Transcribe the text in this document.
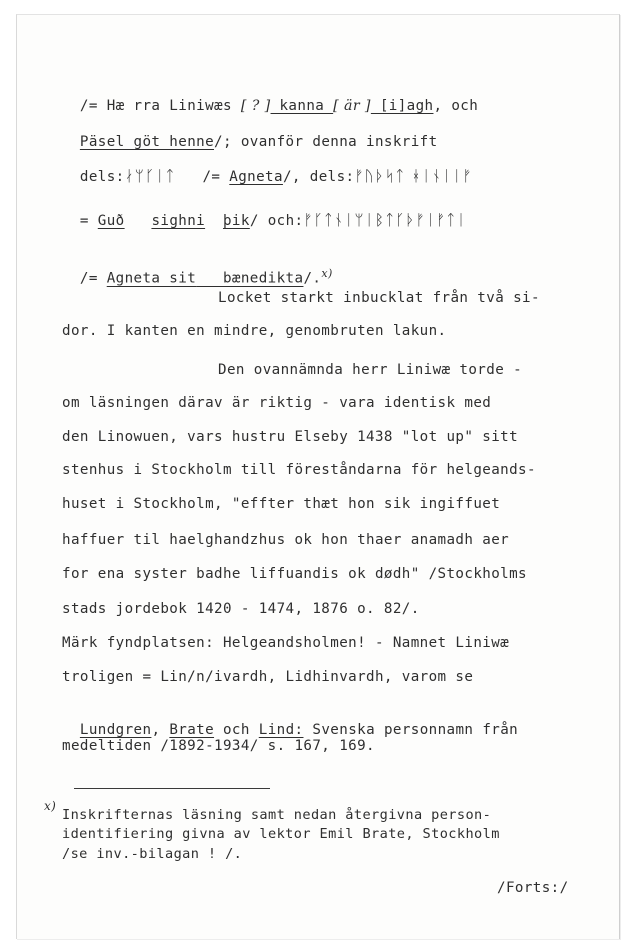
/= Hæ rra Liniwæs [ ? ] kanna [ är ] [i]agh, och

Päsel göt henne/; ovanför denna inskrift

dels:ᛅᛘᚴᛁᛏ   /= Agneta/, dels:ᚠᚢᚦᛋᛏ ᚼᛁᚾᛁᛁᚠ

= Guð sighni þik/ och:ᚠᚴᛏᚾᛁᛘᛁᛒᛏᚴᚦᚠᛁᚠᛏᛁ

/= Agneta sit   bænediktа/.$^{x)}$

Locket starkt inbucklat från två si-
dor. I kanten en mindre, genombruten lakun.
Den ovannämnda herr Liniwæ torde -
om läsningen därav är riktig - vara identisk med
den Linowuen, vars hustru Elseby 1438 "lot up" sitt
stenhus i Stockholm till föreståndarna för helgeands-
huset i Stockholm, "effter thæt hon sik ingiffuet
haffuer til haelghandzhus ok hon thaer anamadh aer
for ena syster badhe liffuandis ok dødh" /Stockholms
stads jordebok 1420 - 1474, 1876 o. 82/.
Märk fyndplatsen: Helgeandsholmen! - Namnet Liniwæ
troligen = Lin/n/ivardh, Lidhinvardh, varom se

Lundgren, Brate och Lind: Svenska personnamn från

medeltiden /1892-1934/ s. 167, 169.
x)
Inskrifternas läsning samt nedan återgivna person-
identifiering givna av lektor Emil Brate, Stockholm
/se inv.-bilagan ! /.
/Forts:/
